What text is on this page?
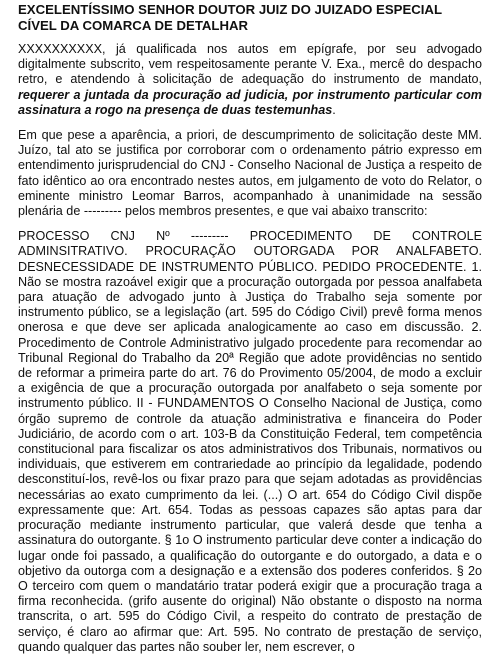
EXCELENTÍSSIMO SENHOR DOUTOR JUIZ DO JUIZADO ESPECIAL CÍVEL DA COMARCA DE DETALHAR

XXXXXXXXXX, já qualificada nos autos em epígrafe, por seu advogado digitalmente subscrito, vem respeitosamente perante V. Exa., mercê do despacho retro, e atendendo à solicitação de adequação do instrumento de mandato, requerer a juntada da procuração ad judicia, por instrumento particular com assinatura a rogo na presença de duas testemunhas.

Em que pese a aparência, a priori, de descumprimento de solicitação deste MM. Juízo, tal ato se justifica por corroborar com o ordenamento pátrio expresso em entendimento jurisprudencial do CNJ - Conselho Nacional de Justiça a respeito de fato idêntico ao ora encontrado nestes autos, em julgamento de voto do Relator, o eminente ministro Leomar Barros, acompanhado à unanimidade na sessão plenária de --------- pelos membros presentes, e que vai abaixo transcrito:

PROCESSO CNJ Nº --------- PROCEDIMENTO DE CONTROLE ADMINSITRATIVO. PROCURAÇÃO OUTORGADA POR ANALFABETO. DESNECESSIDADE DE INSTRUMENTO PÚBLICO. PEDIDO PROCEDENTE. 1. Não se mostra razoável exigir que a procuração outorgada por pessoa analfabeta para atuação de advogado junto à Justiça do Trabalho seja somente por instrumento público, se a legislação (art. 595 do Código Civil) prevê forma menos onerosa e que deve ser aplicada analogicamente ao caso em discussão. 2. Procedimento de Controle Administrativo julgado procedente para recomendar ao Tribunal Regional do Trabalho da 20ª Região que adote providências no sentido de reformar a primeira parte do art. 76 do Provimento 05/2004, de modo a excluir a exigência de que a procuração outorgada por analfabeto o seja somente por instrumento público. II - FUNDAMENTOS O Conselho Nacional de Justiça, como órgão supremo de controle da atuação administrativa e financeira do Poder Judiciário, de acordo com o art. 103-B da Constituição Federal, tem competência constitucional para fiscalizar os atos administrativos dos Tribunais, normativos ou individuais, que estiverem em contrariedade ao princípio da legalidade, podendo desconstituí-los, revê-los ou fixar prazo para que sejam adotadas as providências necessárias ao exato cumprimento da lei. (...) O art. 654 do Código Civil dispõe expressamente que: Art. 654. Todas as pessoas capazes são aptas para dar procuração mediante instrumento particular, que valerá desde que tenha a assinatura do outorgante. § 1o O instrumento particular deve conter a indicação do lugar onde foi passado, a qualificação do outorgante e do outorgado, a data e o objetivo da outorga com a designação e a extensão dos poderes conferidos. § 2o O terceiro com quem o mandatário tratar poderá exigir que a procuração traga a firma reconhecida. (grifo ausente do original) Não obstante o disposto na norma transcrita, o art. 595 do Código Civil, a respeito do contrato de prestação de serviço, é claro ao afirmar que: Art. 595. No contrato de prestação de serviço, quando qualquer das partes não souber ler, nem escrever, o
